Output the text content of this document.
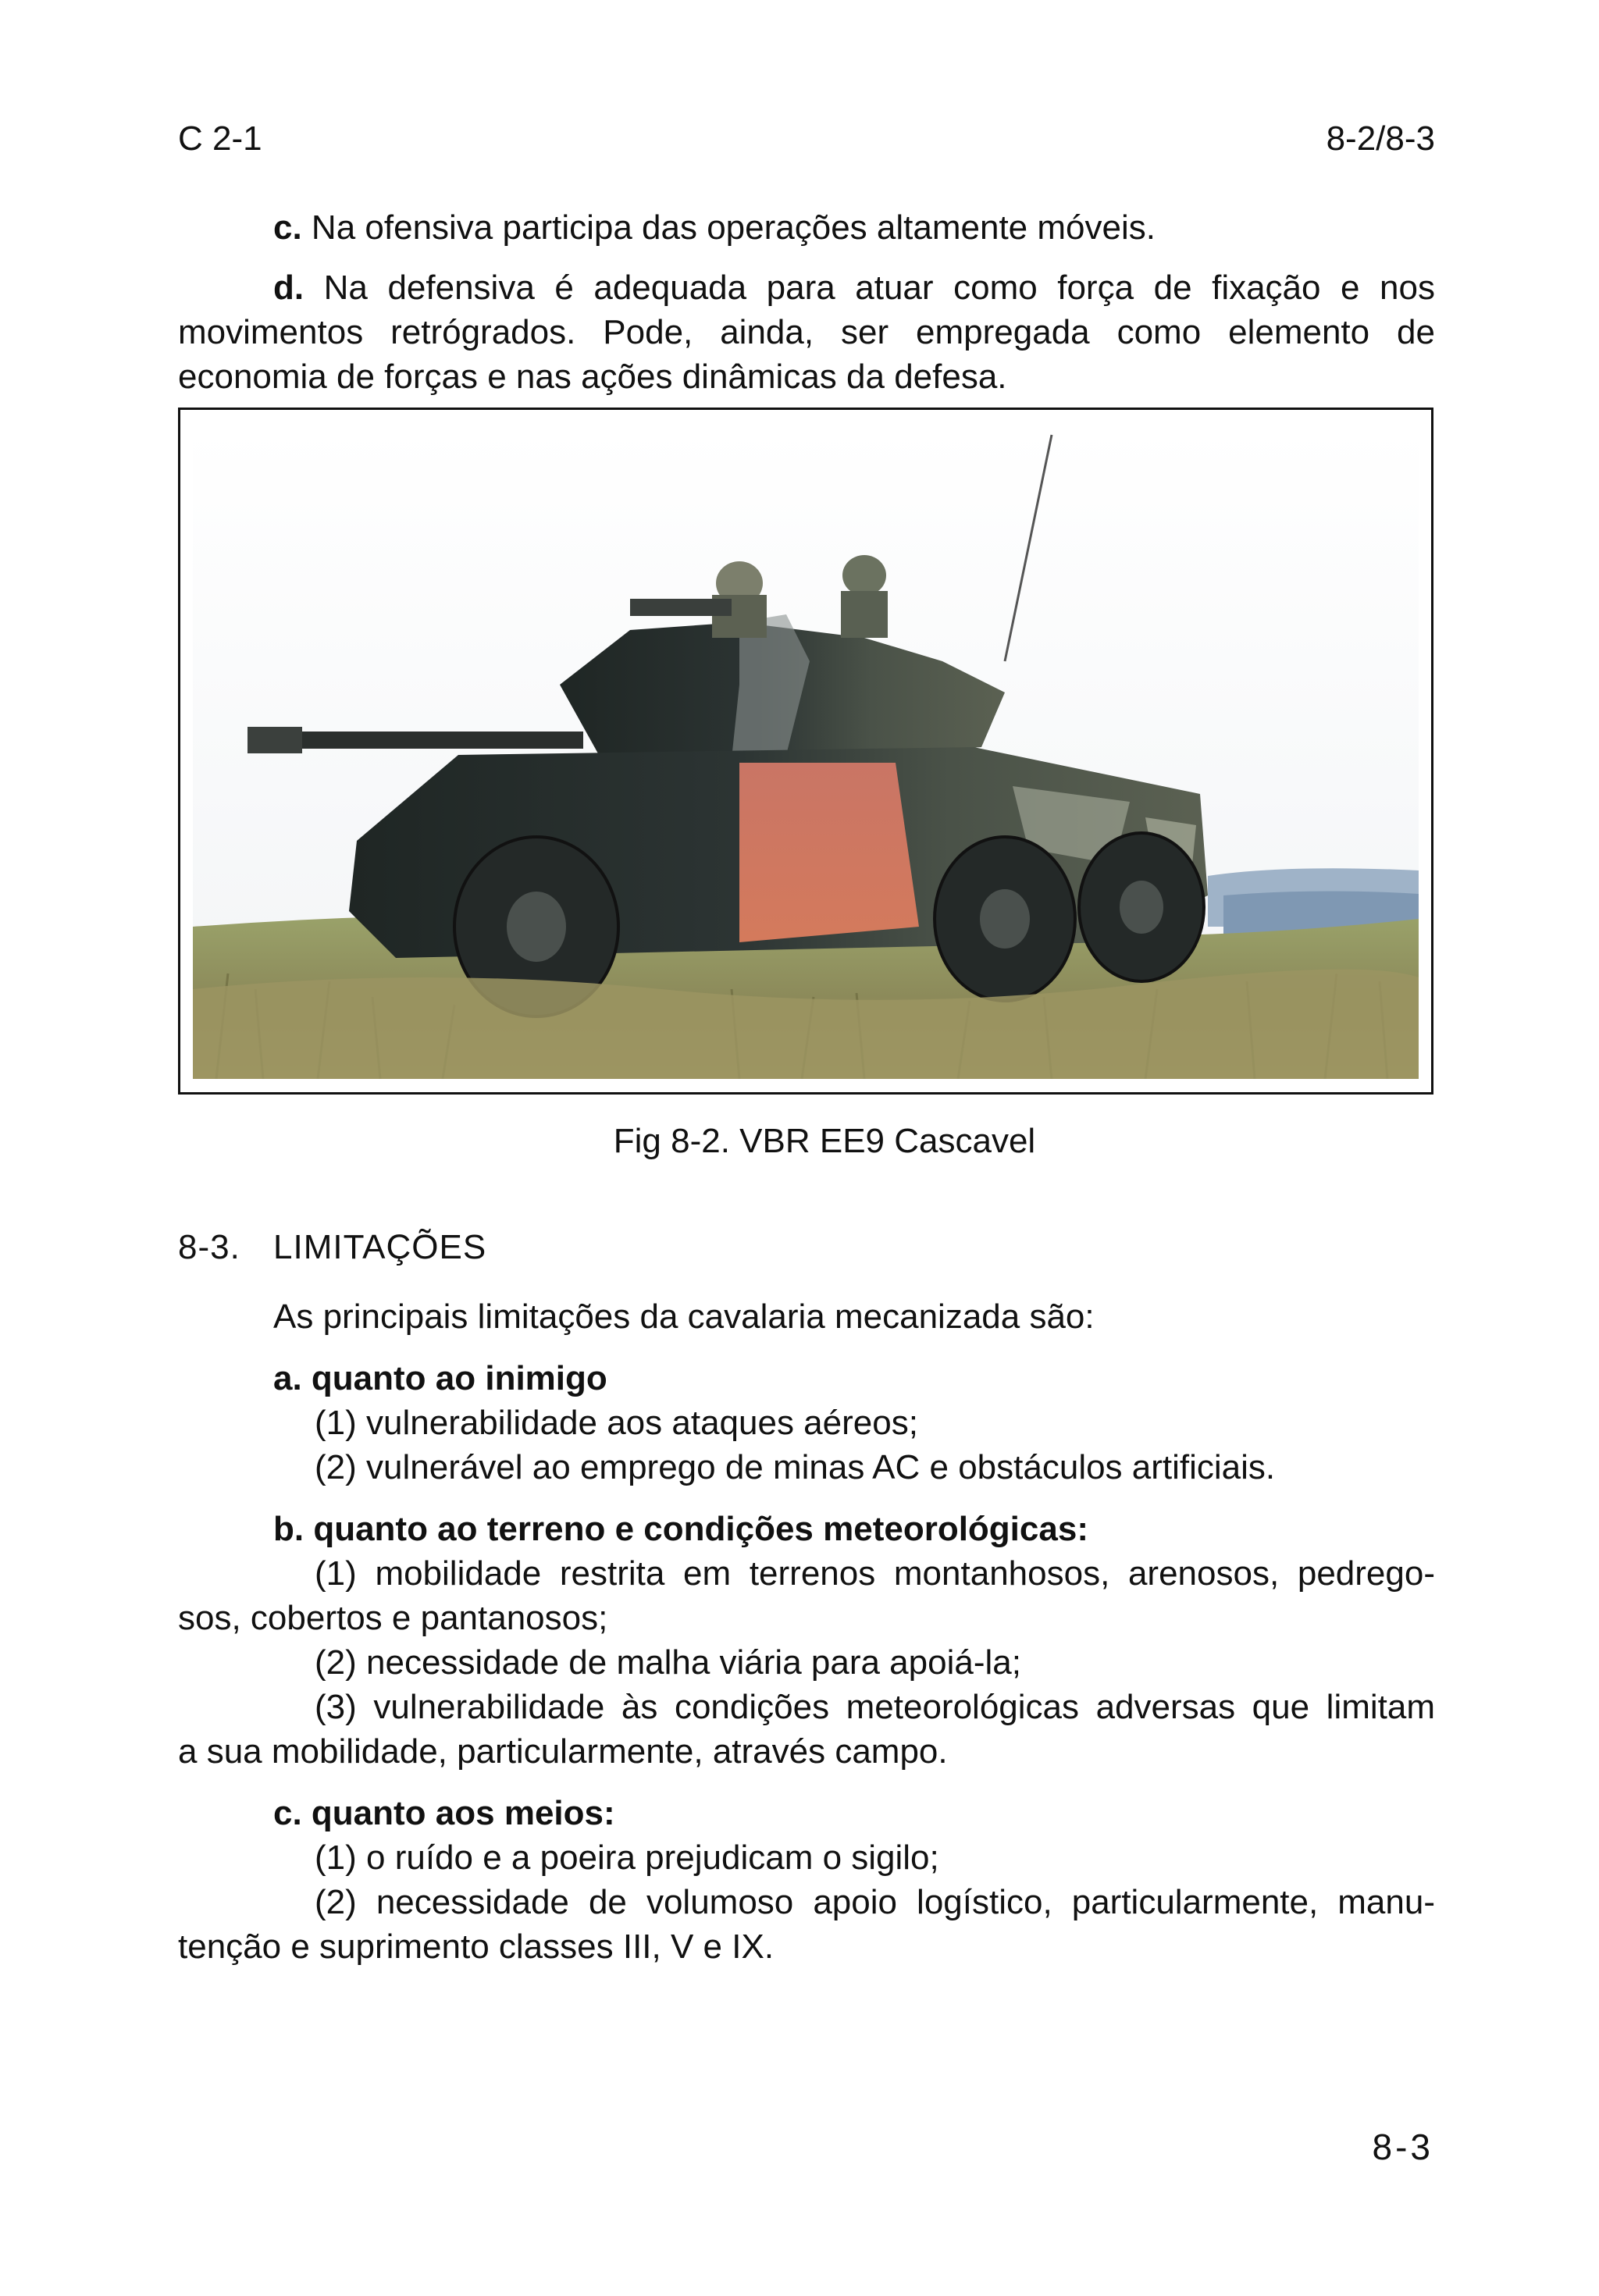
C 2-1	8-2/8-3

c. Na ofensiva participa das operações altamente móveis.

d. Na defensiva é adequada para atuar como força de fixação e nos

movimentos retrógrados. Pode, ainda, ser empregada como elemento de

economia de forças e nas ações dinâmicas da defesa.

Fig 8-2. VBR EE9 Cascavel
8-3. LIMITAÇÕES

As principais limitações da cavalaria mecanizada são:

a. quanto ao inimigo

(1) vulnerabilidade aos ataques aéreos;

(2) vulnerável ao emprego de minas AC e obstáculos artificiais.

b. quanto ao terreno e condições meteorológicas:

(1) mobilidade restrita em terrenos montanhosos, arenosos, pedrego-

sos, cobertos e pantanosos;

(2) necessidade de malha viária para apoiá-la;

(3) vulnerabilidade às condições meteorológicas adversas que limitam

a sua mobilidade, particularmente, através campo.

c. quanto aos meios:

(1) o ruído e a poeira prejudicam o sigilo;

(2) necessidade de volumoso apoio logístico, particularmente, manu-

tenção e suprimento classes III, V e IX.

8-3
